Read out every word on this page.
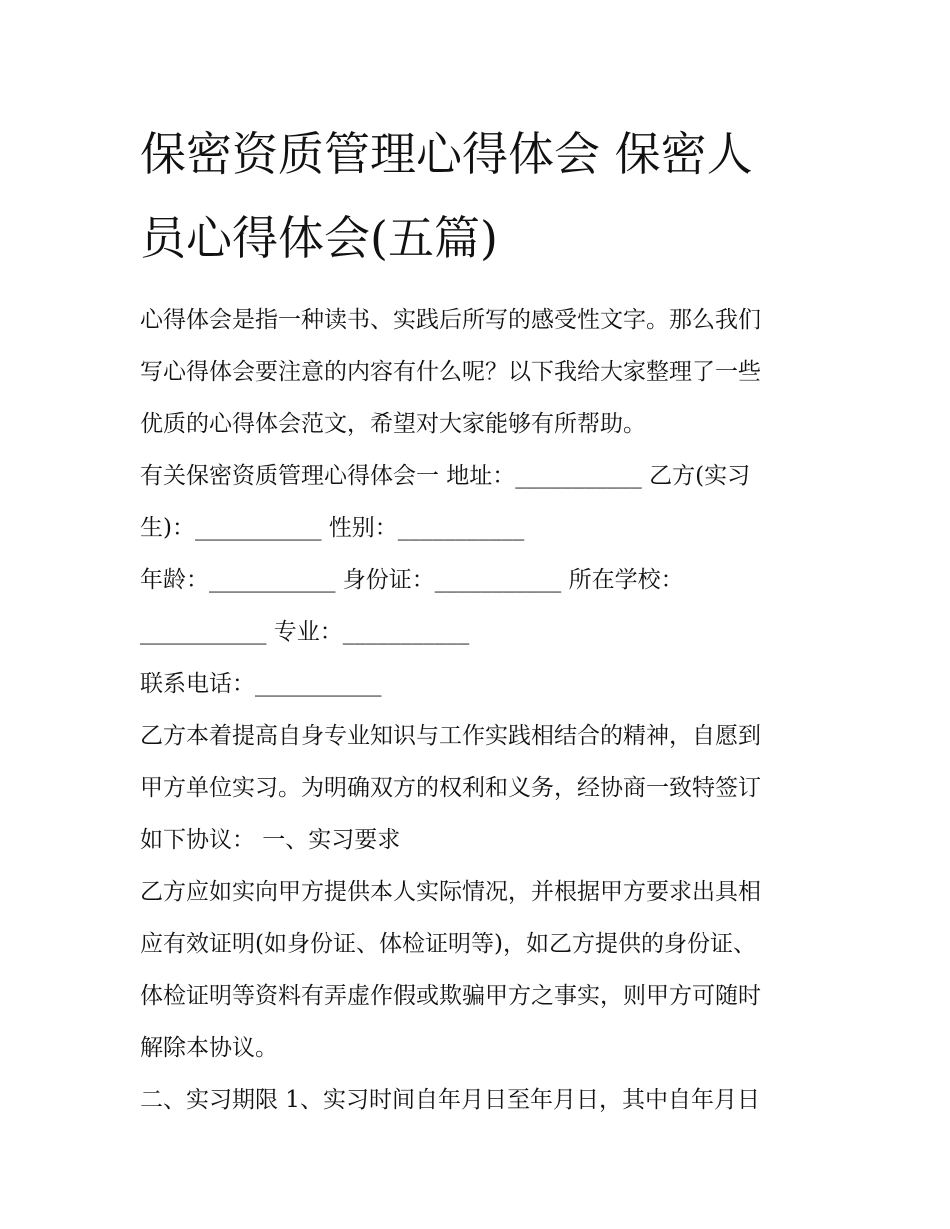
保密资质管理心得体会 保密人
员心得体会(五篇)
心得体会是指一种读书、实践后所写的感受性文字。那么我们
写心得体会要注意的内容有什么呢？以下我给大家整理了一些
优质的心得体会范文，希望对大家能够有所帮助。
有关保密资质管理心得体会一 地址：___________ 乙方(实习
生)：___________ 性别：___________
年龄：___________ 身份证：___________ 所在学校：
___________ 专业：___________
联系电话：___________
乙方本着提高自身专业知识与工作实践相结合的精神，自愿到
甲方单位实习。为明确双方的权利和义务，经协商一致特签订
如下协议： 一、实习要求
乙方应如实向甲方提供本人实际情况，并根据甲方要求出具相
应有效证明(如身份证、体检证明等)，如乙方提供的身份证、
体检证明等资料有弄虚作假或欺骗甲方之事实，则甲方可随时
解除本协议。
二、实习期限 1、实习时间自年月日至年月日，其中自年月日
